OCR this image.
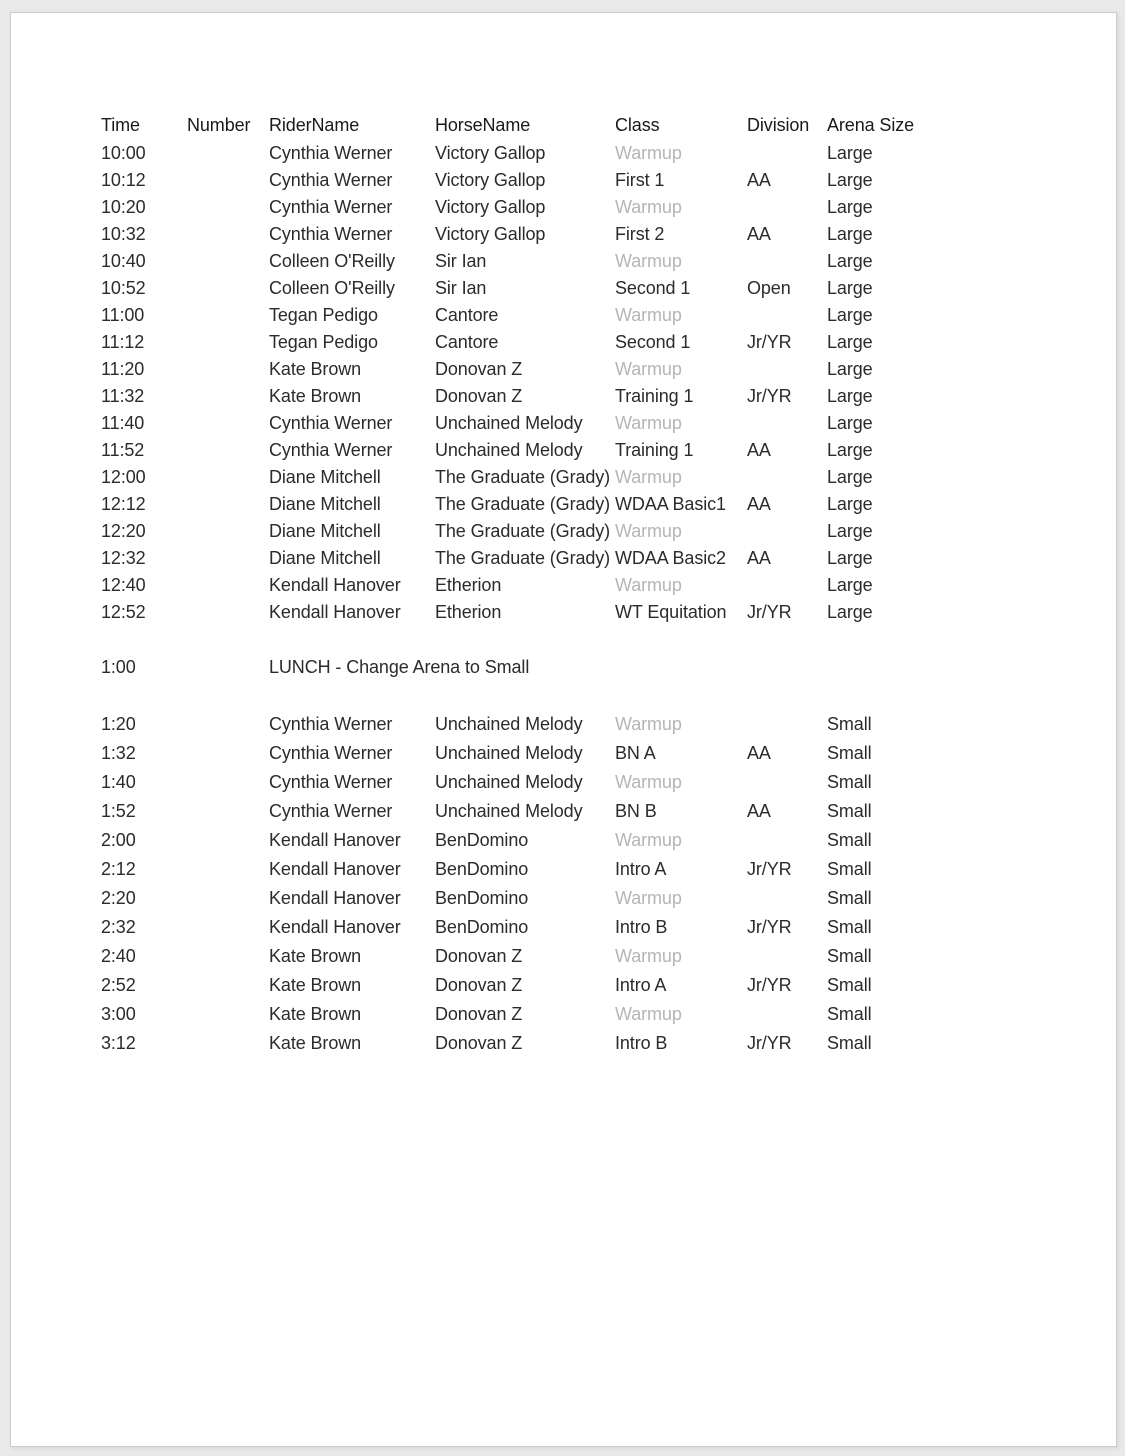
Time	Number	RiderName	HorseName	Class	Division	Arena Size
10:00		Cynthia Werner	Victory Gallop	Warmup		Large
10:12		Cynthia Werner	Victory Gallop	First 1	AA	Large
10:20		Cynthia Werner	Victory Gallop	Warmup		Large
10:32		Cynthia Werner	Victory Gallop	First 2	AA	Large
10:40		Colleen O'Reilly	Sir Ian	Warmup		Large
10:52		Colleen O'Reilly	Sir Ian	Second 1	Open	Large
11:00		Tegan Pedigo	Cantore	Warmup		Large
11:12		Tegan Pedigo	Cantore	Second 1	Jr/YR	Large
11:20		Kate Brown	Donovan Z	Warmup		Large
11:32		Kate Brown	Donovan Z	Training 1	Jr/YR	Large
11:40		Cynthia Werner	Unchained Melody	Warmup		Large
11:52		Cynthia Werner	Unchained Melody	Training 1	AA	Large
12:00		Diane Mitchell	The Graduate (Grady)	Warmup		Large
12:12		Diane Mitchell	The Graduate (Grady)	WDAA Basic1	AA	Large
12:20		Diane Mitchell	The Graduate (Grady)	Warmup		Large
12:32		Diane Mitchell	The Graduate (Grady)	WDAA Basic2	AA	Large
12:40		Kendall Hanover	Etherion	Warmup		Large
12:52		Kendall Hanover	Etherion	WT Equitation	Jr/YR	Large

1:00		LUNCH - Change Arena to Small				

1:20		Cynthia Werner	Unchained Melody	Warmup		Small
1:32		Cynthia Werner	Unchained Melody	BN A	AA	Small
1:40		Cynthia Werner	Unchained Melody	Warmup		Small
1:52		Cynthia Werner	Unchained Melody	BN B	AA	Small
2:00		Kendall Hanover	BenDomino	Warmup		Small
2:12		Kendall Hanover	BenDomino	Intro A	Jr/YR	Small
2:20		Kendall Hanover	BenDomino	Warmup		Small
2:32		Kendall Hanover	BenDomino	Intro B	Jr/YR	Small
2:40		Kate Brown	Donovan Z	Warmup		Small
2:52		Kate Brown	Donovan Z	Intro A	Jr/YR	Small
3:00		Kate Brown	Donovan Z	Warmup		Small
3:12		Kate Brown	Donovan Z	Intro B	Jr/YR	Small
